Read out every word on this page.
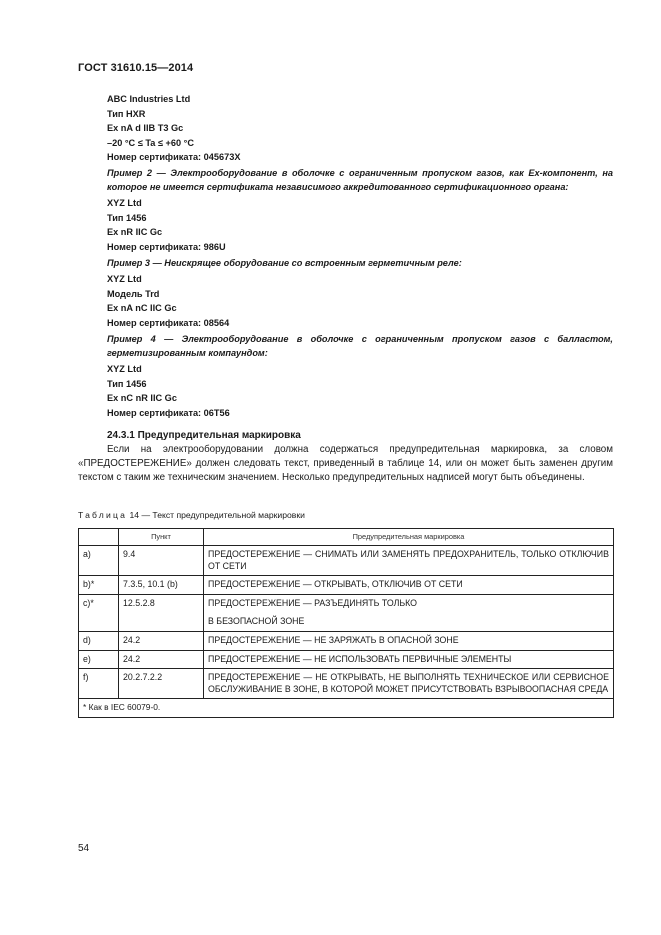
ГОСТ 31610.15—2014
ABC Industries Ltd
Тип HXR
Ex nA d IIB T3 Gc
–20 °C ≤ Ta ≤ +60 °C
Номер сертификата: 045673X
Пример 2 — Электрооборудование в оболочке с ограниченным пропуском газов, как Ex-компонент, на которое не имеется сертификата независимого аккредитованного сертификационного органа:
XYZ Ltd
Тип 1456
Ex nR IIC Gc
Номер сертификата: 986U
Пример 3 — Неискрящее оборудование со встроенным герметичным реле:
XYZ Ltd
Модель Trd
Ex nA nC IIC Gc
Номер сертификата: 08564
Пример 4 — Электрооборудование в оболочке с ограниченным пропуском газов с балластом, герметизированным компаундом:
XYZ Ltd
Тип 1456
Ex nC nR IIC Gc
Номер сертификата: 06T56
24.3.1 Предупредительная маркировка
Если на электрооборудовании должна содержаться предупредительная маркировка, за словом «ПРЕДОСТЕРЕЖЕНИЕ» должен следовать текст, приведенный в таблице 14, или он может быть заменен другим текстом с таким же техническим значением. Несколько предупредительных надписей могут быть объединены.
Таблица 14 — Текст предупредительной маркировки
	Пункт	Предупредительная маркировка
a)	9.4	ПРЕДОСТЕРЕЖЕНИЕ — СНИМАТЬ ИЛИ ЗАМЕНЯТЬ ПРЕДОХРАНИТЕЛЬ, ТОЛЬКО ОТКЛЮЧИВ ОТ СЕТИ
b)*	7.3.5, 10.1 (b)	ПРЕДОСТЕРЕЖЕНИЕ — ОТКРЫВАТЬ, ОТКЛЮЧИВ ОТ СЕТИ
c)*	12.5.2.8	ПРЕДОСТЕРЕЖЕНИЕ — РАЗЪЕДИНЯТЬ ТОЛЬКО
В БЕЗОПАСНОЙ ЗОНЕ

d)	24.2	ПРЕДОСТЕРЕЖЕНИЕ — НЕ ЗАРЯЖАТЬ В ОПАСНОЙ ЗОНЕ
e)	24.2	ПРЕДОСТЕРЕЖЕНИЕ — НЕ ИСПОЛЬЗОВАТЬ ПЕРВИЧНЫЕ ЭЛЕМЕНТЫ
f)	20.2.7.2.2	ПРЕДОСТЕРЕЖЕНИЕ — НЕ ОТКРЫВАТЬ, НЕ ВЫПОЛНЯТЬ ТЕХНИЧЕСКОЕ ИЛИ СЕРВИСНОЕ ОБСЛУЖИВАНИЕ В ЗОНЕ, В КОТОРОЙ МОЖЕТ ПРИСУТСТВОВАТЬ ВЗРЫВООПАСНАЯ СРЕДА
* Как в IEC 60079-0.		
54
